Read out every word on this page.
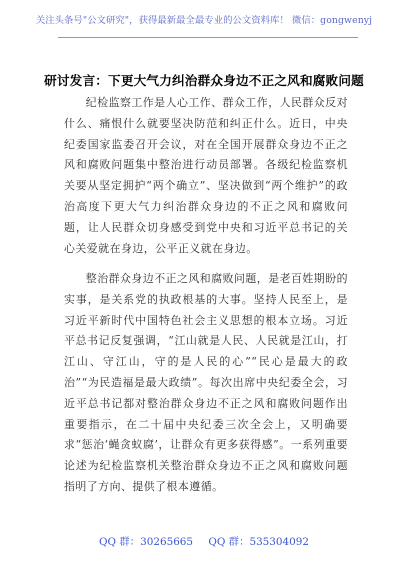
关注头条号"公文研究"，获得最新最全最专业的公文资料库！ 微信：gongwenyj
研讨发言：下更大气力纠治群众身边不正之风和腐败问题

纪检监察工作是人心工作、群众工作，人民群众反对什么、痛恨什么就要坚决防范和纠正什么。近日，中央纪委国家监委召开会议，对在全国开展群众身边不正之风和腐败问题集中整治进行动员部署。各级纪检监察机关要从坚定拥护“两个确立”、坚决做到“两个维护”的政治高度下更大气力纠治群众身边的不正之风和腐败问题，让人民群众切身感受到党中央和习近平总书记的关心关爱就在身边，公平正义就在身边。

整治群众身边不正之风和腐败问题，是老百姓期盼的实事，是关系党的执政根基的大事。坚持人民至上，是习近平新时代中国特色社会主义思想的根本立场。习近平总书记反复强调，“江山就是人民、人民就是江山，打江山、守江山，守的是人民的心”“民心是最大的政治”“为民造福是最大政绩”。每次出席中央纪委全会，习近平总书记都对整治群众身边不正之风和腐败问题作出重要指示，在二十届中央纪委三次全会上，又明确要求“惩治‘蝇贪蚁腐’，让群众有更多获得感”。一系列重要论述为纪检监察机关整治群众身边不正之风和腐败问题指明了方向、提供了根本遵循。

QQ 群：30265665 QQ 群：535304092
